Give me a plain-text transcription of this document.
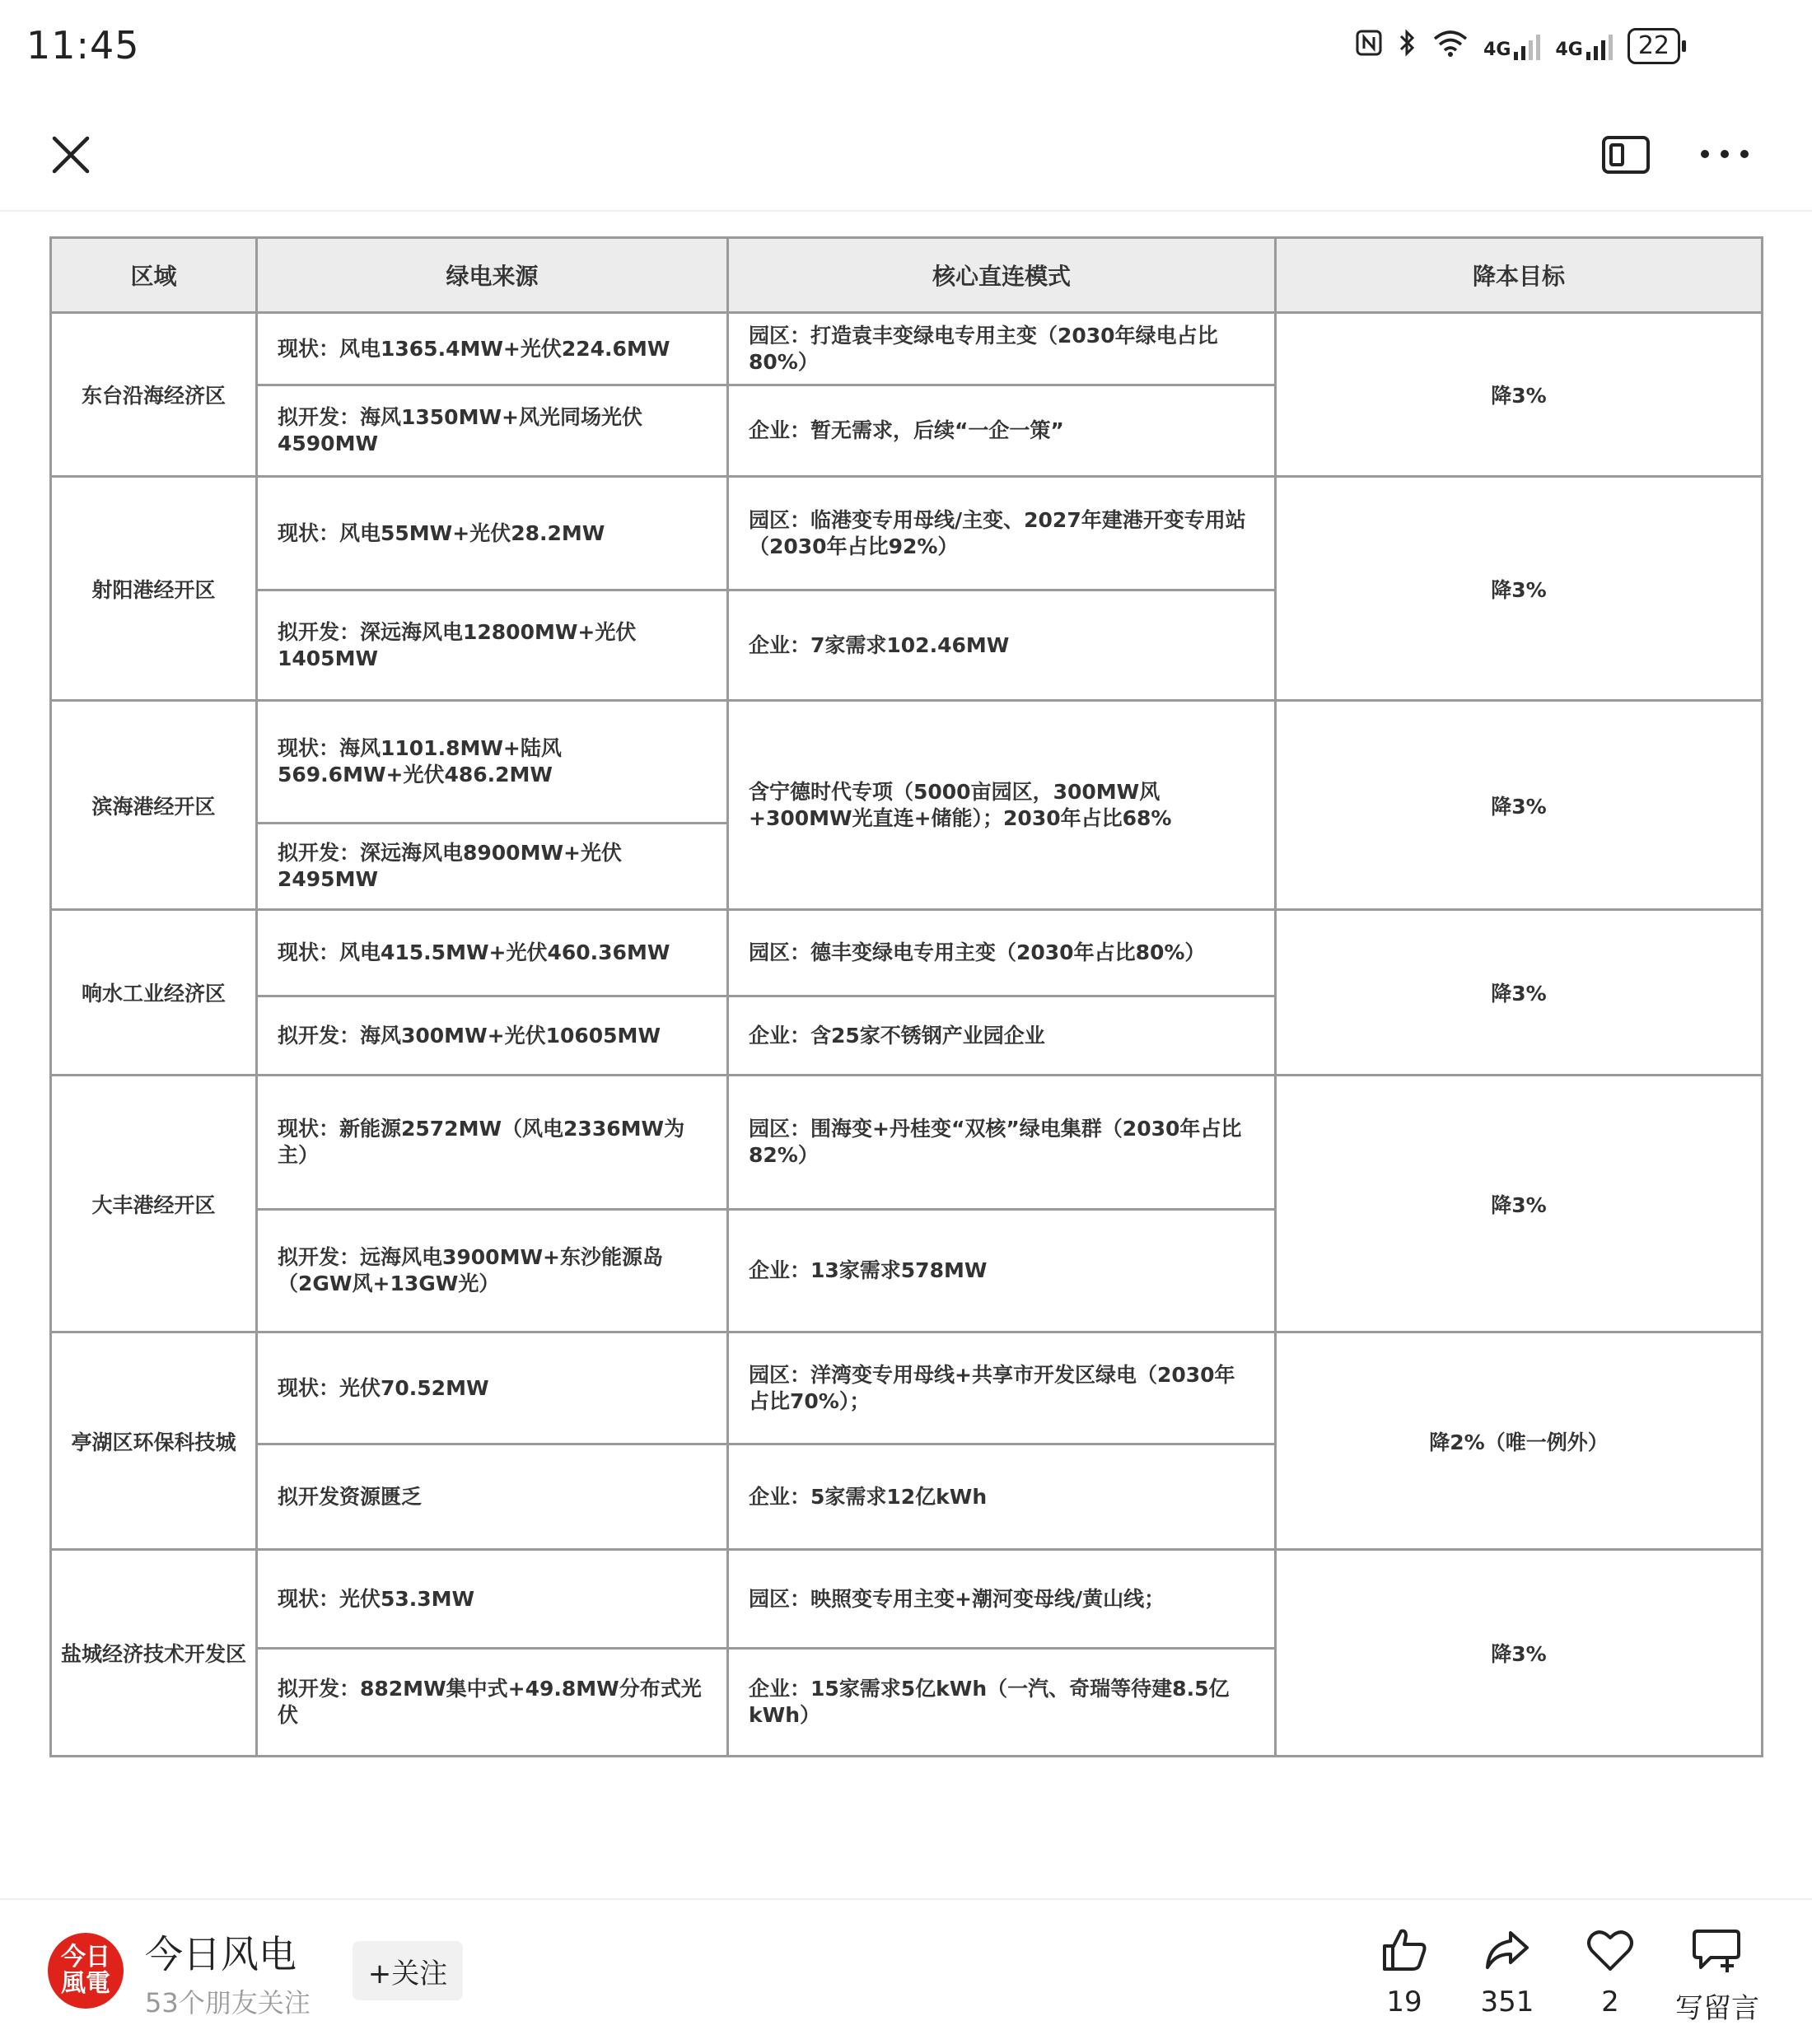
11:45	4G 4G	22
区域	绿电来源	核心直连模式	降本目标
东台沿海经济区	现状：风电1365.4MW+光伏224.6MW	园区：打造袁丰变绿电专用主变（2030年绿电占比80%）	降3%
	拟开发：海风1350MW+风光同场光伏4590MW	企业：暂无需求，后续“一企一策”	
射阳港经开区	现状：风电55MW+光伏28.2MW	园区：临港变专用母线/主变、2027年建港开变专用站（2030年占比92%）	降3%
	拟开发：深远海风电12800MW+光伏1405MW	企业：7家需求102.46MW	
滨海港经开区	现状：海风1101.8MW+陆风569.6MW+光伏486.2MW	含宁德时代专项（5000亩园区，300MW风+300MW光直连+储能）；2030年占比68%	降3%
	拟开发：深远海风电8900MW+光伏2495MW		
响水工业经济区	现状：风电415.5MW+光伏460.36MW	园区：德丰变绿电专用主变（2030年占比80%）	降3%
	拟开发：海风300MW+光伏10605MW	企业：含25家不锈钢产业园企业	
大丰港经开区	现状：新能源2572MW（风电2336MW为主）	园区：围海变+丹桂变“双核”绿电集群（2030年占比82%）	降3%
	拟开发：远海风电3900MW+东沙能源岛（2GW风+13GW光）	企业：13家需求578MW	
亭湖区环保科技城	现状：光伏70.52MW	园区：洋湾变专用母线+共享市开发区绿电（2030年占比70%）；	降2%（唯一例外）
	拟开发资源匮乏	企业：5家需求12亿kWh	
盐城经济技术开发区	现状：光伏53.3MW	园区：映照变专用主变+潮河变母线/黄山线；	降3%
	拟开发：882MW集中式+49.8MW分布式光伏	企业：15家需求5亿kWh（一汽、奇瑞等待建8.5亿kWh）	
今日
風電
今日风电
53个朋友关注
+关注
19	351	2	写留言
